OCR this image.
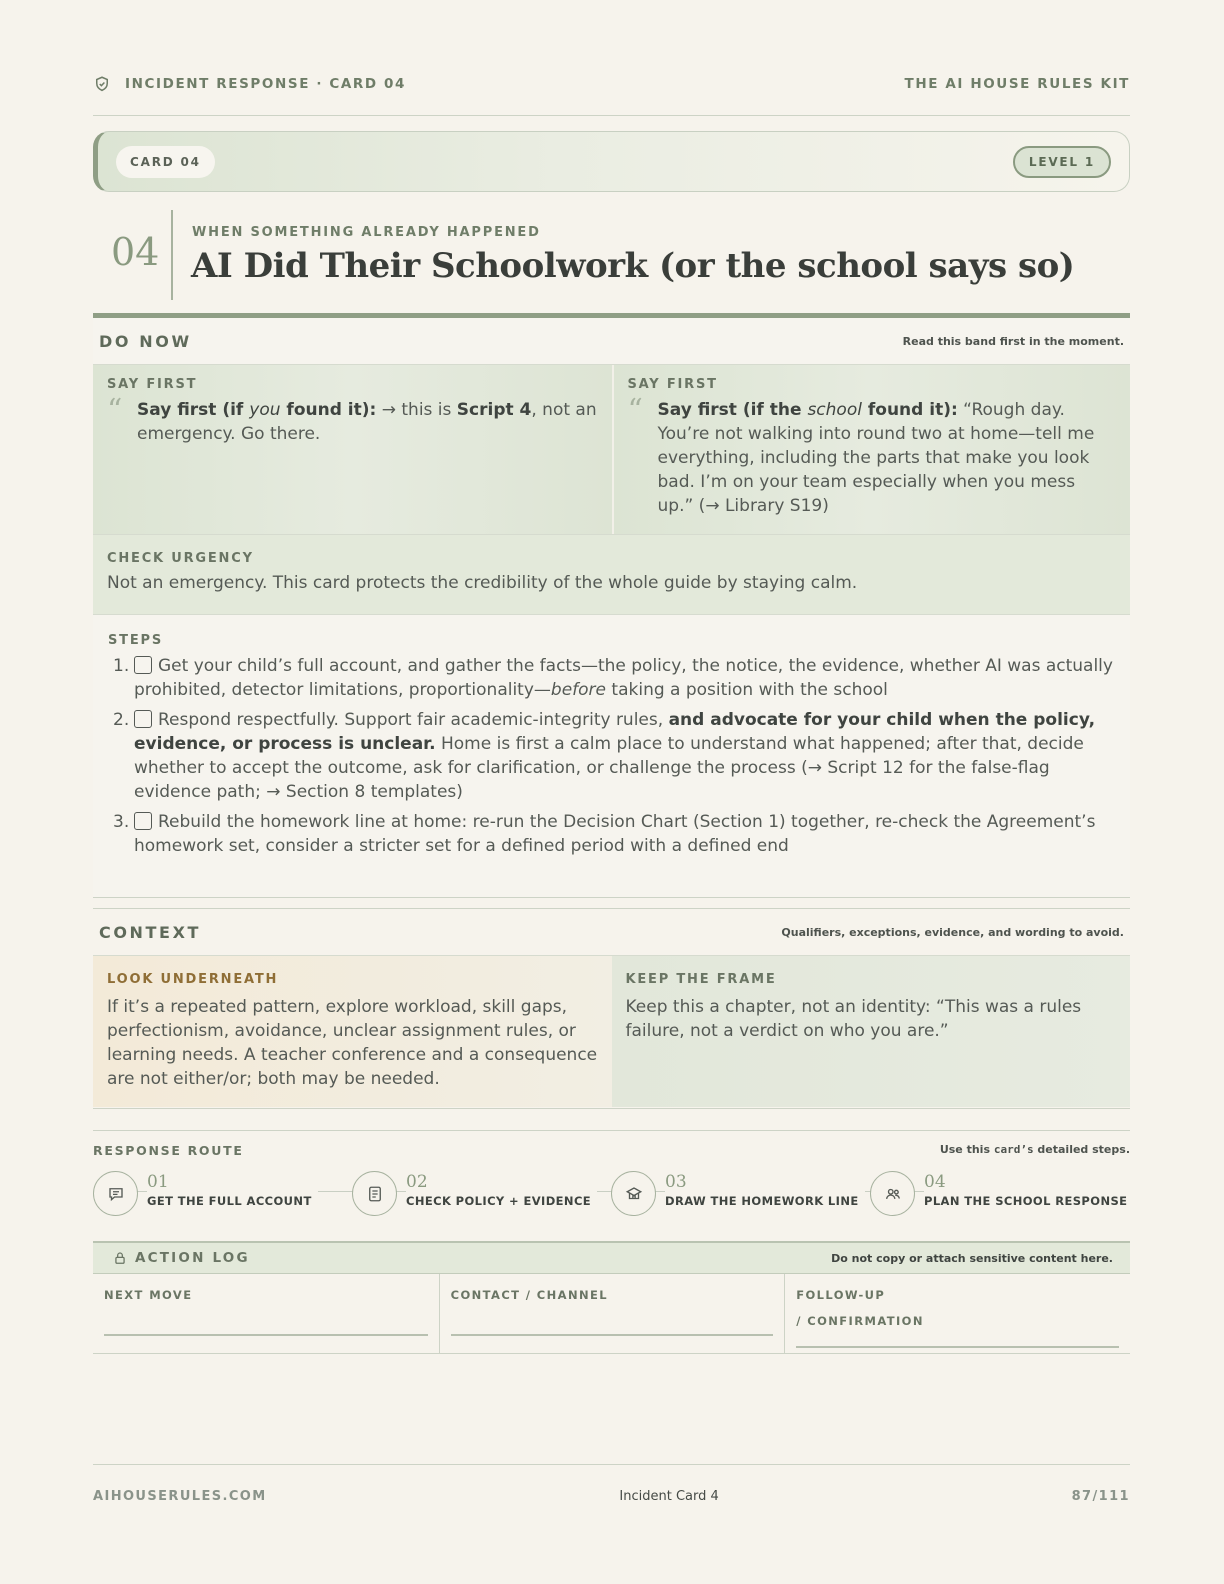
INCIDENT RESPONSE · CARD 04	THE AI HOUSE RULES KIT
CARD 04	LEVEL 1
04	WHEN SOMETHING ALREADY HAPPENED
AI Did Their Schoolwork (or the school says so)
DO NOW	Read this band first in the moment.
SAY FIRST
“ Say first (if you found it): → this is Script 4, not an emergency. Go there.
SAY FIRST
“ Say first (if the school found it): “Rough day. You’re not walking into round two at home—tell me everything, including the parts that make you look bad. I’m on your team especially when you mess up.” (→ Library S19)
CHECK URGENCY
Not an emergency. This card protects the credibility of the whole guide by staying calm.
STEPS
1. Get your child’s full account, and gather the facts—the policy, the notice, the evidence, whether AI was actually prohibited, detector limitations, proportionality—before taking a position with the school
2. Respond respectfully. Support fair academic-integrity rules, and advocate for your child when the policy, evidence, or process is unclear. Home is first a calm place to understand what happened; after that, decide whether to accept the outcome, ask for clarification, or challenge the process (→ Script 12 for the false-flag evidence path; → Section 8 templates)
3. Rebuild the homework line at home: re-run the Decision Chart (Section 1) together, re-check the Agreement’s homework set, consider a stricter set for a defined period with a defined end
CONTEXT	Qualifiers, exceptions, evidence, and wording to avoid.
LOOK UNDERNEATH
If it’s a repeated pattern, explore workload, skill gaps, perfectionism, avoidance, unclear assignment rules, or learning needs. A teacher conference and a consequence are not either/or; both may be needed.
KEEP THE FRAME
Keep this a chapter, not an identity: “This was a rules failure, not a verdict on who you are.”
RESPONSE ROUTE	Use this card’s detailed steps.
01
GET THE FULL ACCOUNT
02
CHECK POLICY + EVIDENCE
03
DRAW THE HOMEWORK LINE
04
PLAN THE SCHOOL RESPONSE
ACTION LOG	Do not copy or attach sensitive content here.
NEXT MOVE	CONTACT / CHANNEL	FOLLOW-UP
/ CONFIRMATION
AIHOUSERULES.COM	Incident Card 4	87/111
